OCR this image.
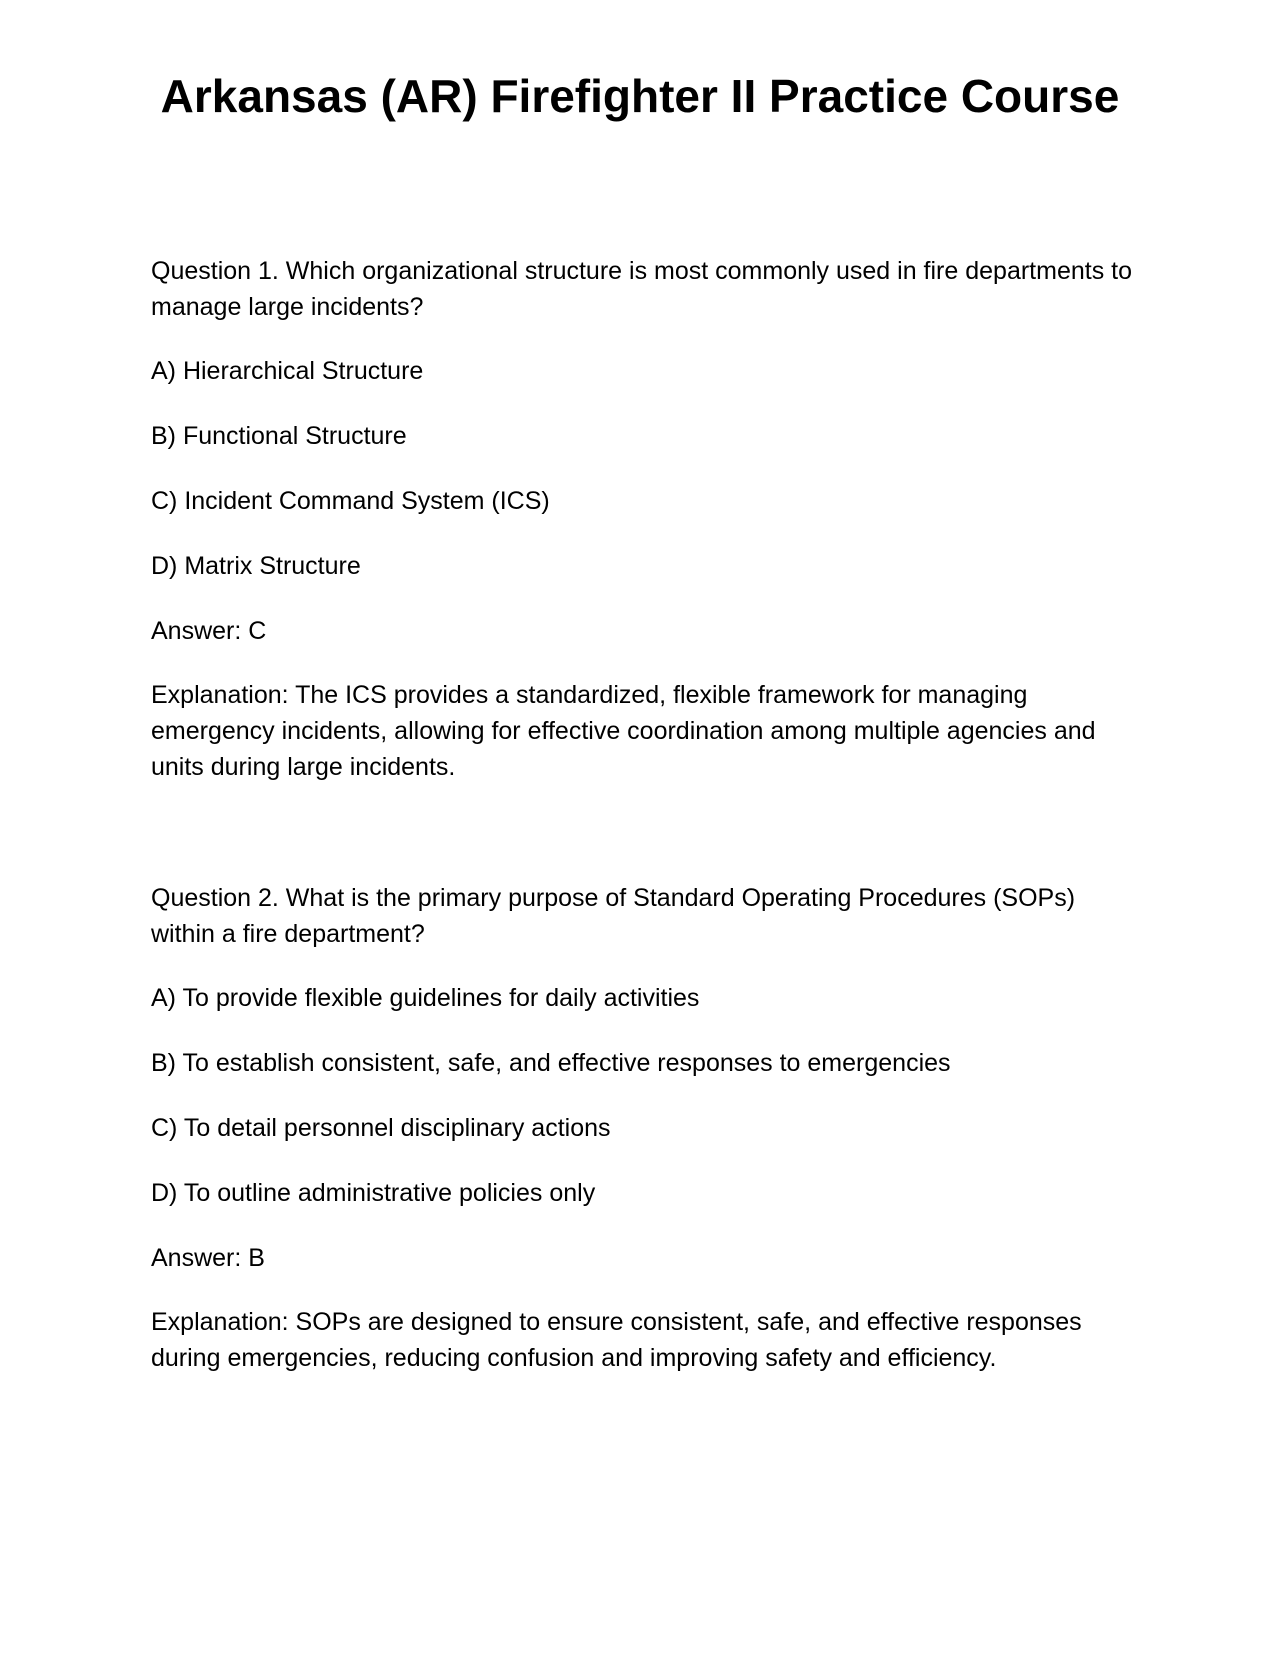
Arkansas (AR) Firefighter II Practice Course

Question 1. Which organizational structure is most commonly used in fire departments to manage large incidents?

A) Hierarchical Structure

B) Functional Structure

C) Incident Command System (ICS)

D) Matrix Structure

Answer: C

Explanation: The ICS provides a standardized, flexible framework for managing emergency incidents, allowing for effective coordination among multiple agencies and units during large incidents.

Question 2. What is the primary purpose of Standard Operating Procedures (SOPs) within a fire department?

A) To provide flexible guidelines for daily activities

B) To establish consistent, safe, and effective responses to emergencies

C) To detail personnel disciplinary actions

D) To outline administrative policies only

Answer: B

Explanation: SOPs are designed to ensure consistent, safe, and effective responses during emergencies, reducing confusion and improving safety and efficiency.
